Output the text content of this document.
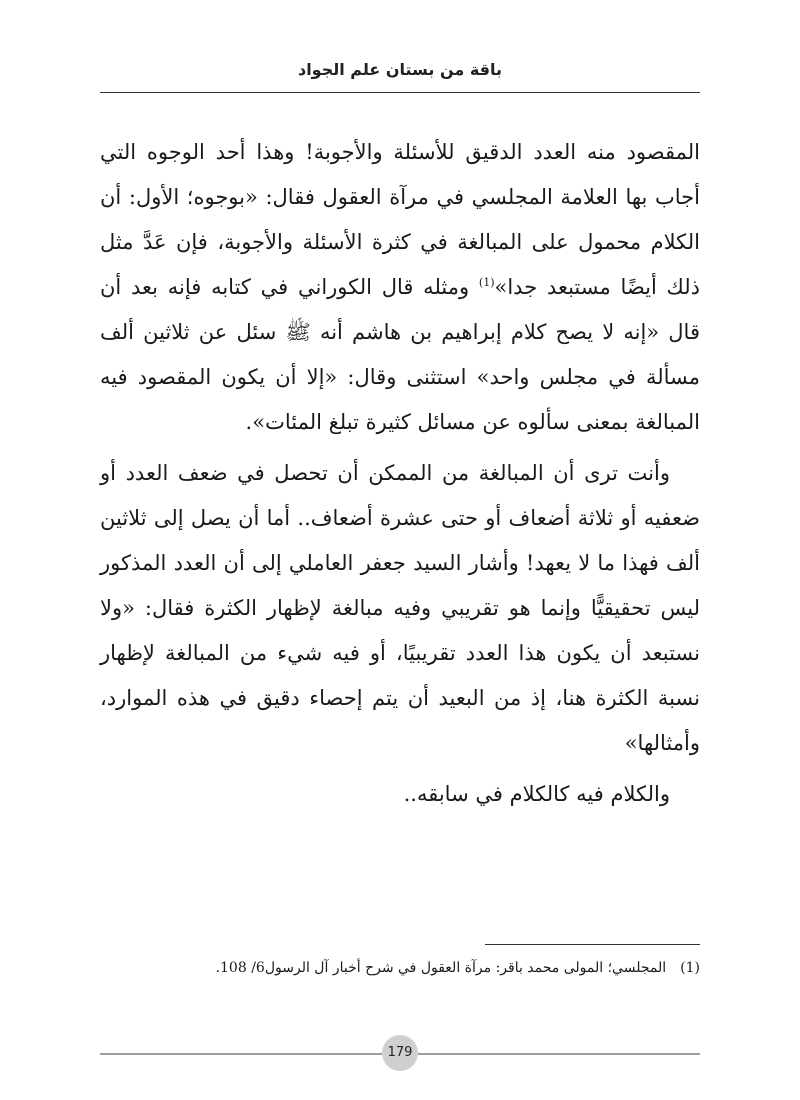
باقة من بستان علم الجواد

المقصود منه العدد الدقيق للأسئلة والأجوبة! وهذا أحد الوجوه التي أجاب بها العلامة المجلسي في مرآة العقول فقال: «بوجوه؛ الأول: أن الكلام محمول على المبالغة في كثرة الأسئلة والأجوبة، فإن عَدَّ مثل ذلك أيضًا مستبعد جدا»$^{(1)}$ ومثله قال الكوراني في كتابه فإنه بعد أن قال «إنه لا يصح كلام إبراهيم بن هاشم أنه ﷺ سئل عن ثلاثين ألف مسألة في مجلس واحد» استثنى وقال: «إلا أن يكون المقصود فيه المبالغة بمعنى سألوه عن مسائل كثيرة تبلغ المئات».

وأنت ترى أن المبالغة من الممكن أن تحصل في ضعف العدد أو ضعفيه أو ثلاثة أضعاف أو حتى عشرة أضعاف.. أما أن يصل إلى ثلاثين ألف فهذا ما لا يعهد! وأشار السيد جعفر العاملي إلى أن العدد المذكور ليس تحقيقيًّا وإنما هو تقريبي وفيه مبالغة لإظهار الكثرة فقال: «ولا نستبعد أن يكون هذا العدد تقريبيًا، أو فيه شيء من المبالغة لإظهار نسبة الكثرة هنا، إذ من البعيد أن يتم إحصاء دقيق في هذه الموارد، وأمثالها»

والكلام فيه كالكلام في سابقه..

(1)المجلسي؛ المولى محمد باقر: مرآة العقول في شرح أخبار آل الرسول6/ 108.
179
